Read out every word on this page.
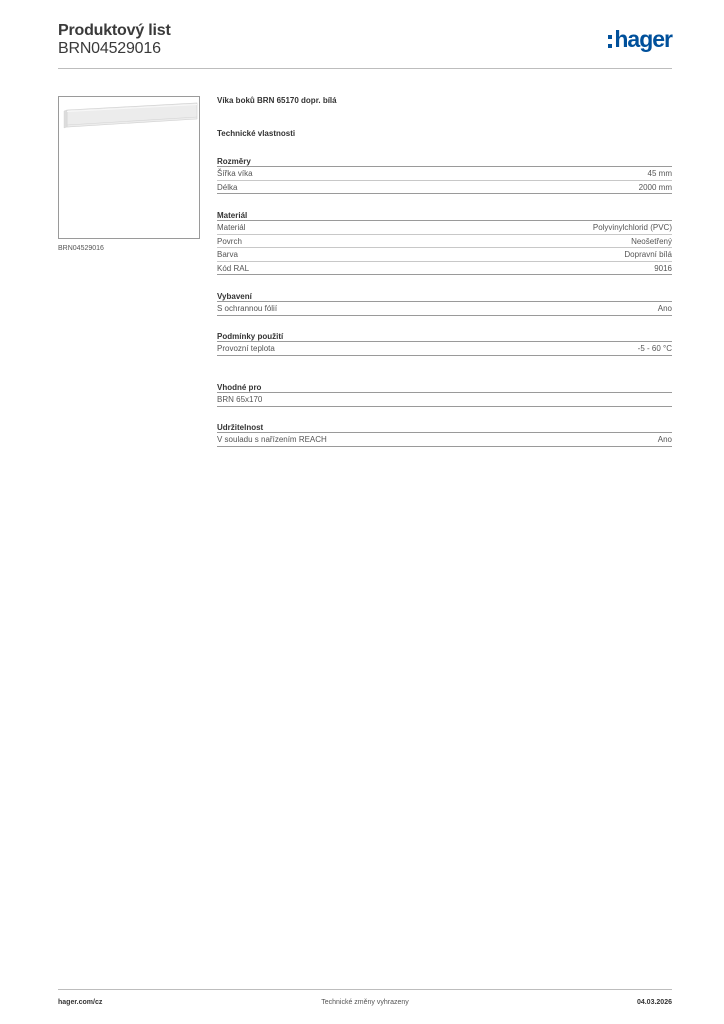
Produktový list
BRN04529016	hager
BRN04529016
Víka boků BRN 65170 dopr. bílá
Technické vlastnosti
Rozměry
Šířka víka	45 mm
Délka	2000 mm
Materiál
Materiál	Polyvinylchlorid (PVC)
Povrch	Neošetřený
Barva	Dopravní bílá
Kód RAL	9016
Vybavení
S ochrannou fólií	Ano
Podmínky použití
Provozní teplota	-5 - 60 °C
Vhodné pro
BRN 65x170
Udržitelnost
V souladu s nařízením REACH	Ano
Technické změny vyhrazeny
hager.com/cz	04.03.2026
